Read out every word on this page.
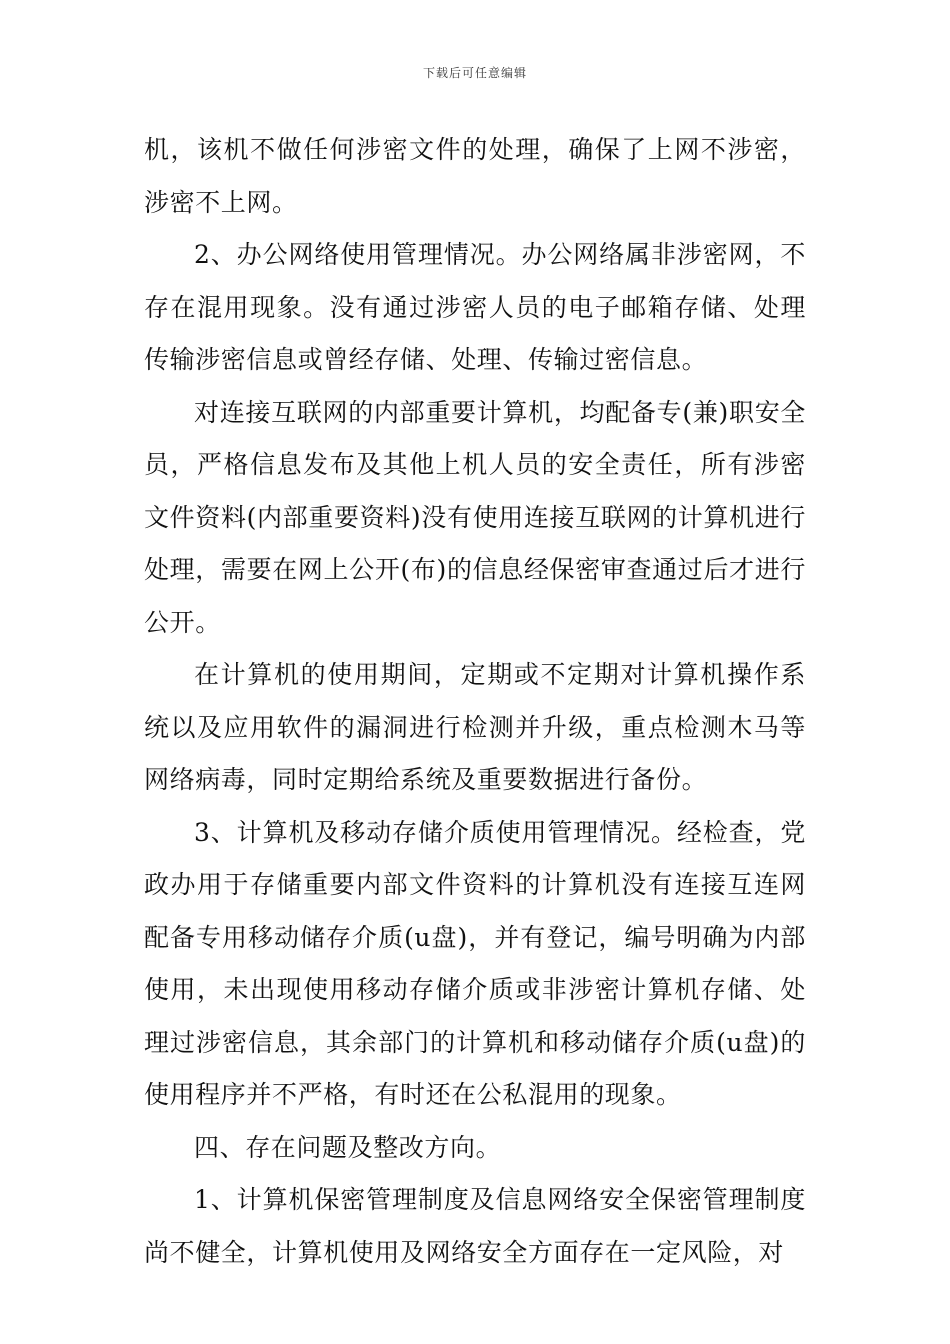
下载后可任意编辑

机，该机不做任何涉密文件的处理，确保了上网不涉密，涉密不上网。

2、办公网络使用管理情况。办公网络属非涉密网，不存在混用现象。没有通过涉密人员的电子邮箱存储、处理传输涉密信息或曾经存储、处理、传输过密信息。

对连接互联网的内部重要计算机，均配备专(兼)职安全员，严格信息发布及其他上机人员的安全责任，所有涉密文件资料(内部重要资料)没有使用连接互联网的计算机进行处理，需要在网上公开(布)的信息经保密审查通过后才进行公开。

在计算机的使用期间，定期或不定期对计算机操作系统以及应用软件的漏洞进行检测并升级，重点检测木马等网络病毒，同时定期给系统及重要数据进行备份。

3、计算机及移动存储介质使用管理情况。经检查，党政办用于存储重要内部文件资料的计算机没有连接互连网配备专用移动储存介质(u盘)，并有登记，编号明确为内部使用，未出现使用移动存储介质或非涉密计算机存储、处理过涉密信息，其余部门的计算机和移动储存介质(u盘)的使用程序并不严格，有时还在公私混用的现象。

四、存在问题及整改方向。

1、计算机保密管理制度及信息网络安全保密管理制度尚不健全，计算机使用及网络安全方面存在一定风险，对
